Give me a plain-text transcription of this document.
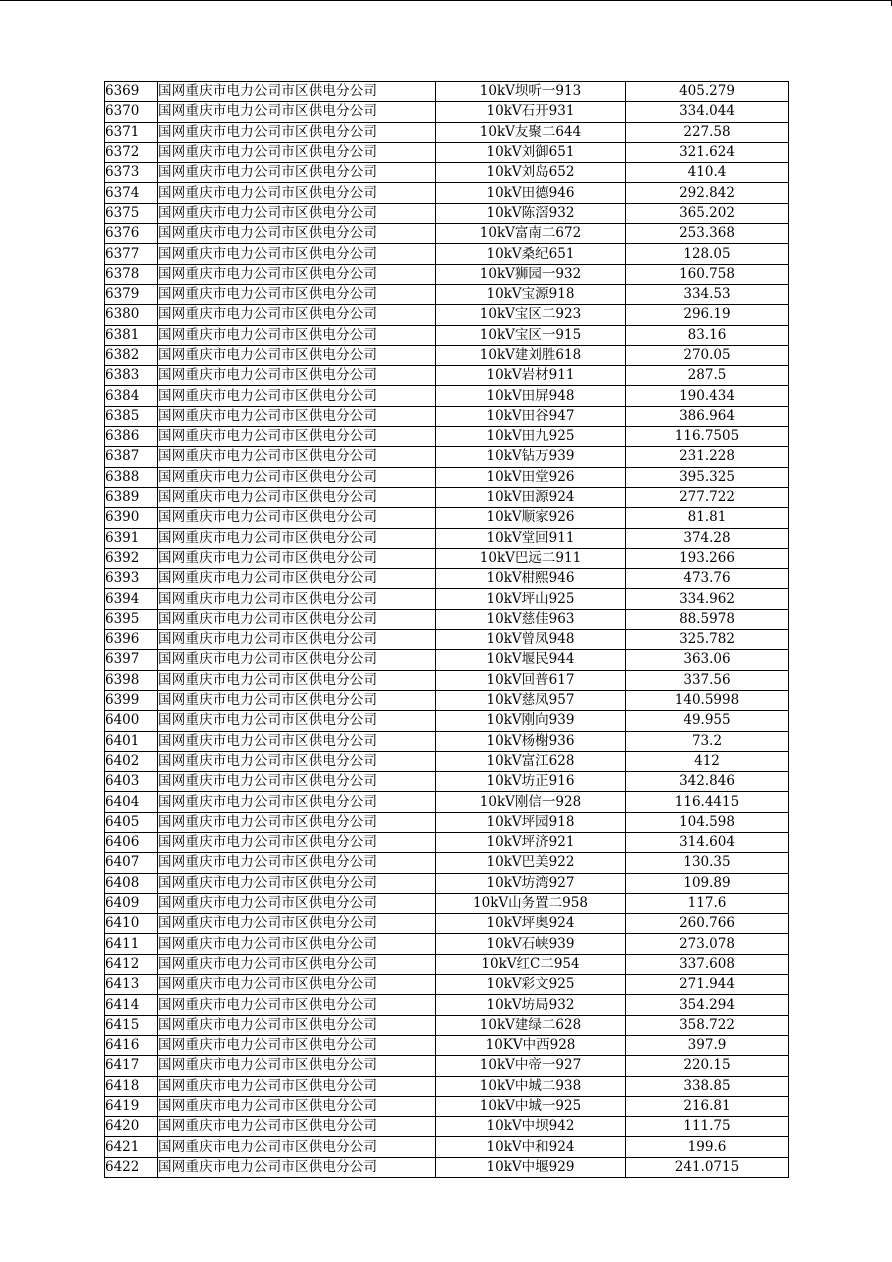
6369	国网重庆市电力公司市区供电分公司	10kV坝听一913	405.279
6370	国网重庆市电力公司市区供电分公司	10kV石开931	334.044
6371	国网重庆市电力公司市区供电分公司	10kV友聚二644	227.58
6372	国网重庆市电力公司市区供电分公司	10kV刘御651	321.624
6373	国网重庆市电力公司市区供电分公司	10kV刘岛652	410.4
6374	国网重庆市电力公司市区供电分公司	10kV田德946	292.842
6375	国网重庆市电力公司市区供电分公司	10kV陈滘932	365.202
6376	国网重庆市电力公司市区供电分公司	10kV富南二672	253.368
6377	国网重庆市电力公司市区供电分公司	10kV桑纪651	128.05
6378	国网重庆市电力公司市区供电分公司	10kV狮园一932	160.758
6379	国网重庆市电力公司市区供电分公司	10kV宝源918	334.53
6380	国网重庆市电力公司市区供电分公司	10kV宝区二923	296.19
6381	国网重庆市电力公司市区供电分公司	10kV宝区一915	83.16
6382	国网重庆市电力公司市区供电分公司	10kV建刘胜618	270.05
6383	国网重庆市电力公司市区供电分公司	10kV岩材911	287.5
6384	国网重庆市电力公司市区供电分公司	10kV田屏948	190.434
6385	国网重庆市电力公司市区供电分公司	10kV田谷947	386.964
6386	国网重庆市电力公司市区供电分公司	10kV田九925	116.7505
6387	国网重庆市电力公司市区供电分公司	10kV钻万939	231.228
6388	国网重庆市电力公司市区供电分公司	10kV田堂926	395.325
6389	国网重庆市电力公司市区供电分公司	10kV田源924	277.722
6390	国网重庆市电力公司市区供电分公司	10kV顺家926	81.81
6391	国网重庆市电力公司市区供电分公司	10kV堂回911	374.28
6392	国网重庆市电力公司市区供电分公司	10kV巴远二911	193.266
6393	国网重庆市电力公司市区供电分公司	10kV柑熙946	473.76
6394	国网重庆市电力公司市区供电分公司	10kV坪山925	334.962
6395	国网重庆市电力公司市区供电分公司	10kV慈佳963	88.5978
6396	国网重庆市电力公司市区供电分公司	10kV曾凤948	325.782
6397	国网重庆市电力公司市区供电分公司	10kV堰民944	363.06
6398	国网重庆市电力公司市区供电分公司	10kV回普617	337.56
6399	国网重庆市电力公司市区供电分公司	10kV慈凤957	140.5998
6400	国网重庆市电力公司市区供电分公司	10kV刚向939	49.955
6401	国网重庆市电力公司市区供电分公司	10kV杨榭936	73.2
6402	国网重庆市电力公司市区供电分公司	10kV富江628	412
6403	国网重庆市电力公司市区供电分公司	10kV坊正916	342.846
6404	国网重庆市电力公司市区供电分公司	10kV刚信一928	116.4415
6405	国网重庆市电力公司市区供电分公司	10kV坪园918	104.598
6406	国网重庆市电力公司市区供电分公司	10kV坪济921	314.604
6407	国网重庆市电力公司市区供电分公司	10kV巴美922	130.35
6408	国网重庆市电力公司市区供电分公司	10kV坊湾927	109.89
6409	国网重庆市电力公司市区供电分公司	10kV山务置二958	117.6
6410	国网重庆市电力公司市区供电分公司	10kV坪奥924	260.766
6411	国网重庆市电力公司市区供电分公司	10kV石峡939	273.078
6412	国网重庆市电力公司市区供电分公司	10kV红C二954	337.608
6413	国网重庆市电力公司市区供电分公司	10kV彩文925	271.944
6414	国网重庆市电力公司市区供电分公司	10kV坊局932	354.294
6415	国网重庆市电力公司市区供电分公司	10kV建绿二628	358.722
6416	国网重庆市电力公司市区供电分公司	10KV中西928	397.9
6417	国网重庆市电力公司市区供电分公司	10kV中帝一927	220.15
6418	国网重庆市电力公司市区供电分公司	10kV中城二938	338.85
6419	国网重庆市电力公司市区供电分公司	10kV中城一925	216.81
6420	国网重庆市电力公司市区供电分公司	10kV中坝942	111.75
6421	国网重庆市电力公司市区供电分公司	10kV中和924	199.6
6422	国网重庆市电力公司市区供电分公司	10kV中堰929	241.0715
